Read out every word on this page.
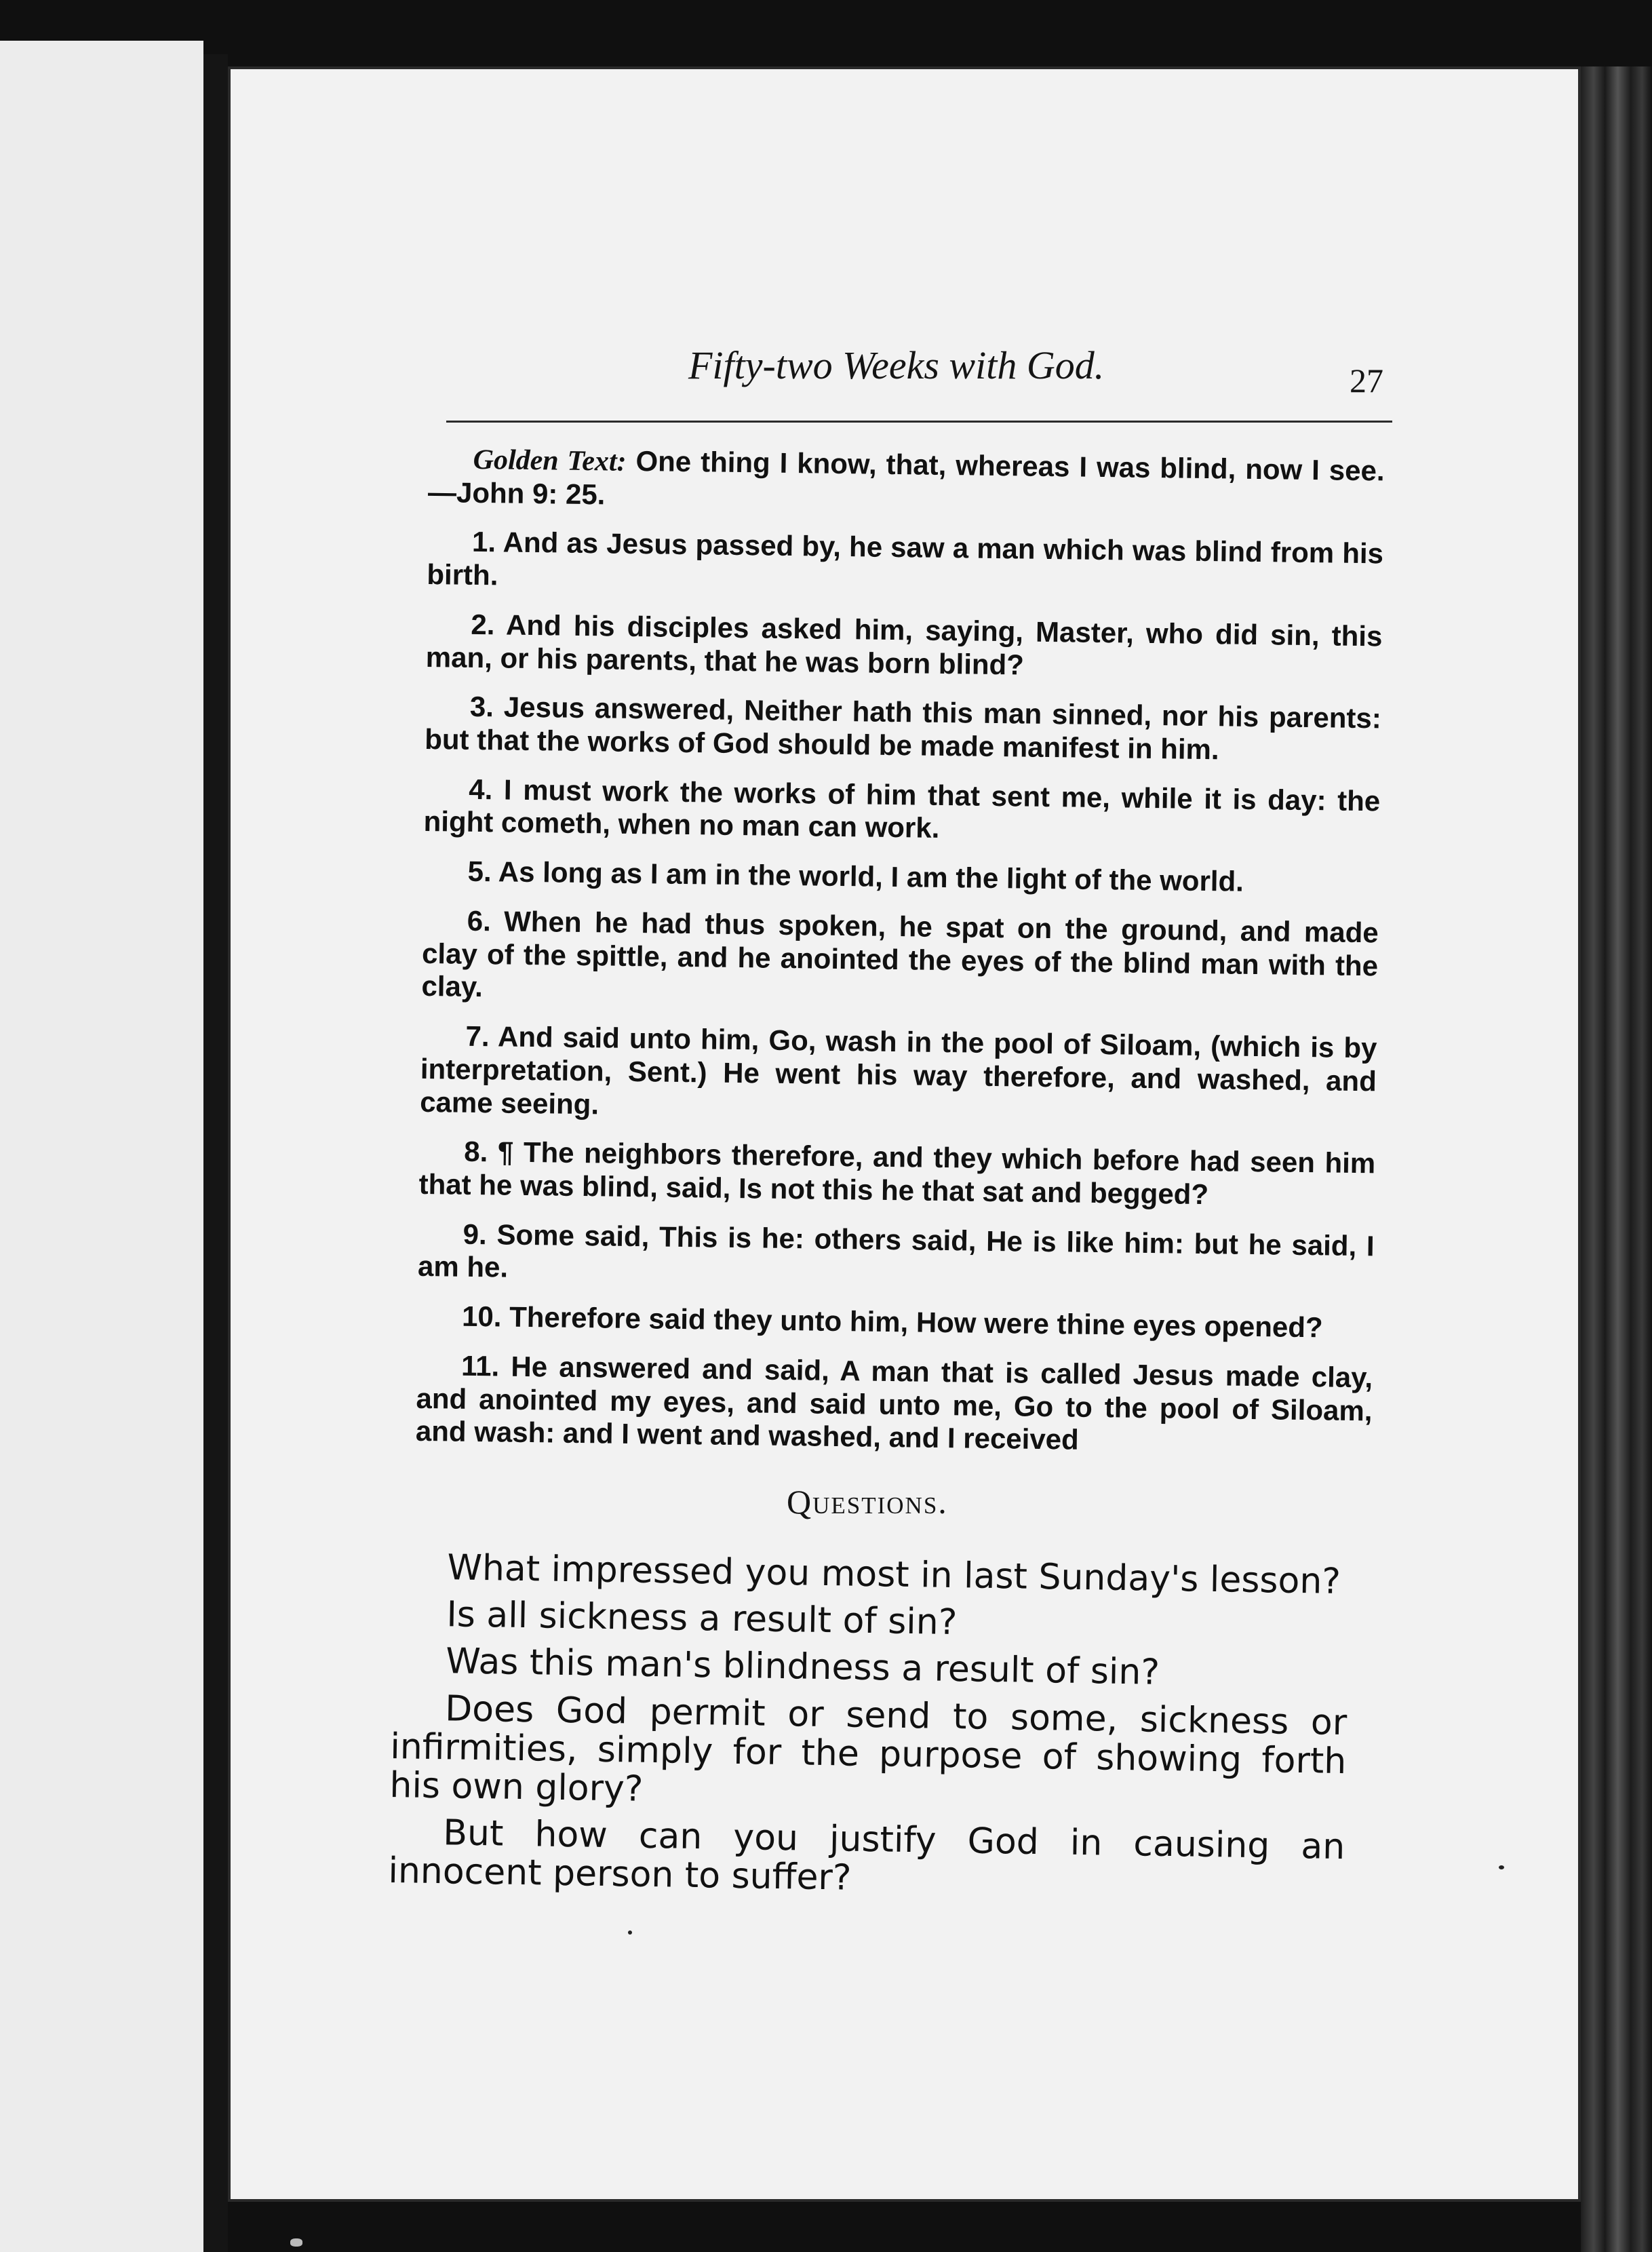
Fifty-two Weeks with God.	27

Golden Text: One thing I know, that, whereas I was blind, now I see.—John 9: 25.

1. And as Jesus passed by, he saw a man which was blind from his birth.

2. And his disciples asked him, saying, Master, who did sin, this man, or his parents, that he was born blind?

3. Jesus answered, Neither hath this man sinned, nor his parents: but that the works of God should be made manifest in him.

4. I must work the works of him that sent me, while it is day: the night cometh, when no man can work.

5. As long as I am in the world, I am the light of the world.

6. When he had thus spoken, he spat on the ground, and made clay of the spittle, and he anointed the eyes of the blind man with the clay.

7. And said unto him, Go, wash in the pool of Siloam, (which is by interpretation, Sent.) He went his way therefore, and washed, and came seeing.

8. ¶ The neighbors therefore, and they which before had seen him that he was blind, said, Is not this he that sat and begged?

9. Some said, This is he: others said, He is like him: but he said, I am he.

10. Therefore said they unto him, How were thine eyes opened?

11. He answered and said, A man that is called Jesus made clay, and anointed my eyes, and said unto me, Go to the pool of Siloam, and wash: and I went and washed, and I received

Questions.

What impressed you most in last Sunday's lesson?

Is all sickness a result of sin?

Was this man's blindness a result of sin?

Does God permit or send to some, sickness or infirmities, simply for the purpose of showing forth his own glory?

But how can you justify God in causing an innocent person to suffer?
